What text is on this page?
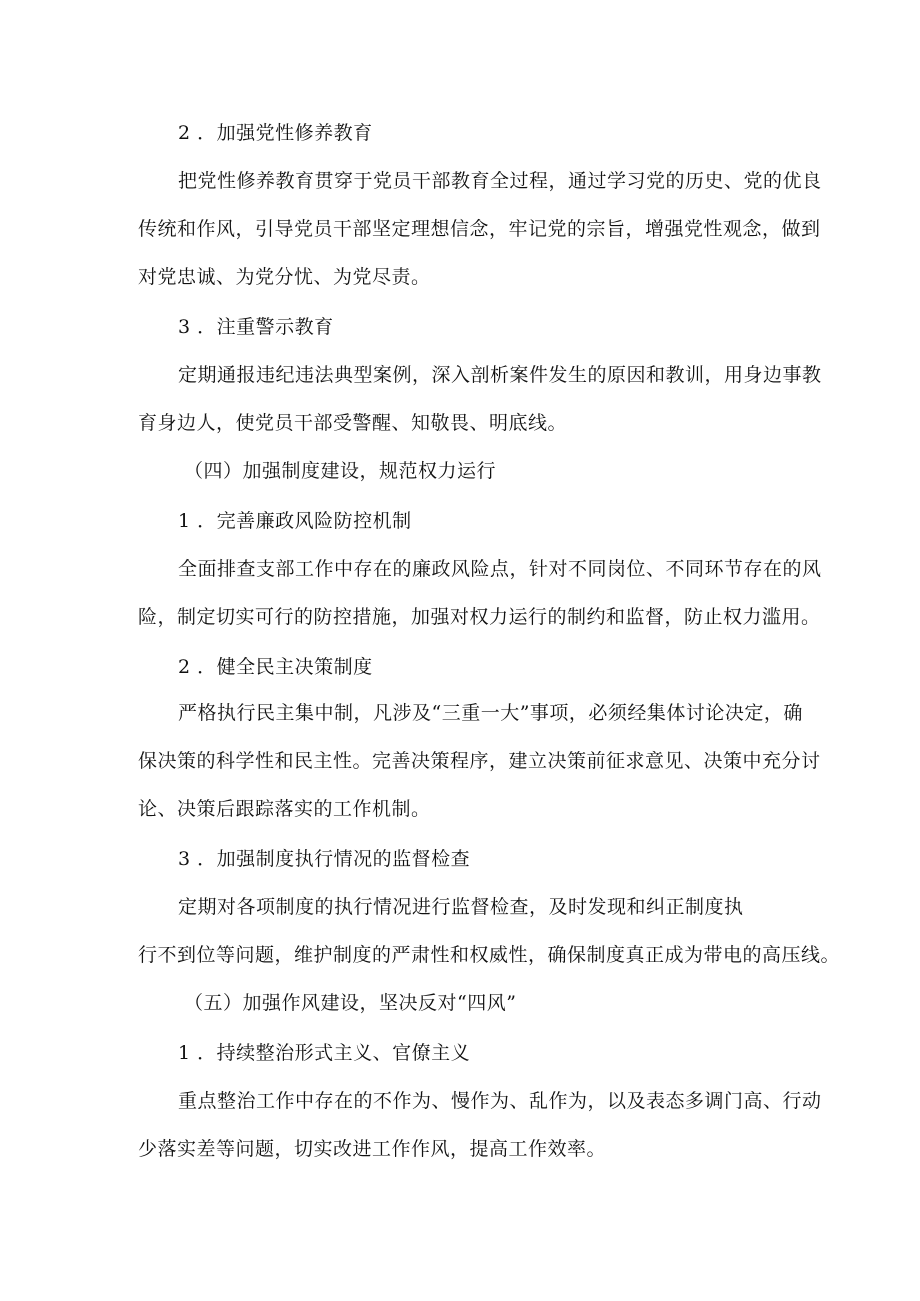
2 ．加强党性修养教育
把党性修养教育贯穿于党员干部教育全过程，通过学习党的历史、党的优良
传统和作风，引导党员干部坚定理想信念，牢记党的宗旨，增强党性观念，做到
对党忠诚、为党分忧、为党尽责。
3 ．注重警示教育
定期通报违纪违法典型案例，深入剖析案件发生的原因和教训，用身边事教
育身边人，使党员干部受警醒、知敬畏、明底线。
（四）加强制度建设，规范权力运行
1 ．完善廉政风险防控机制
全面排查支部工作中存在的廉政风险点，针对不同岗位、不同环节存在的风
险，制定切实可行的防控措施，加强对权力运行的制约和监督，防止权力滥用。
2 ．健全民主决策制度
严格执行民主集中制，凡涉及“三重一大”事项，必须经集体讨论决定，确
保决策的科学性和民主性。完善决策程序，建立决策前征求意见、决策中充分讨
论、决策后跟踪落实的工作机制。
3 ．加强制度执行情况的监督检查
定期对各项制度的执行情况进行监督检查，及时发现和纠正制度执
行不到位等问题，维护制度的严肃性和权威性，确保制度真正成为带电的高压线。
（五）加强作风建设，坚决反对“四风”
1 ．持续整治形式主义、官僚主义
重点整治工作中存在的不作为、慢作为、乱作为，以及表态多调门高、行动
少落实差等问题，切实改进工作作风，提高工作效率。
